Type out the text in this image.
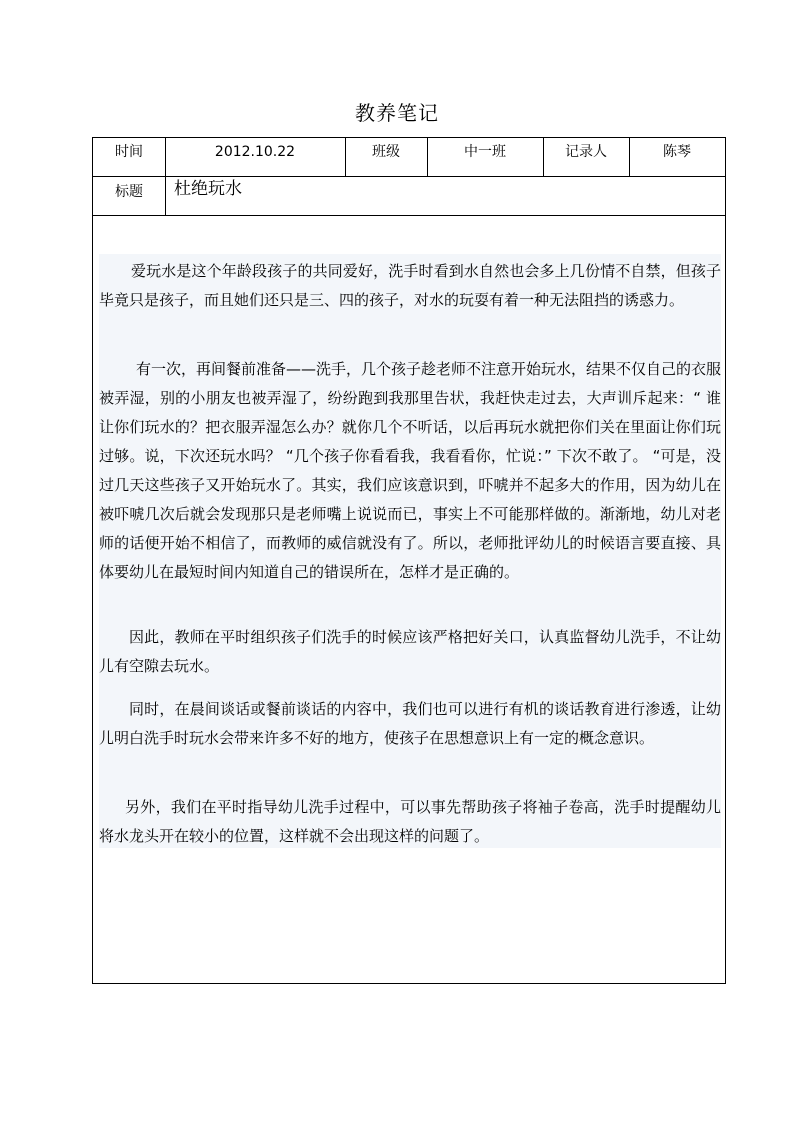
教养笔记
时间	2012.10.22	班级	中一班	记录人	陈琴
标题	杜绝玩水

爱玩水是这个年龄段孩子的共同爱好，洗手时看到水自然也会多上几份情不自禁，但孩子毕竟只是孩子，而且她们还只是三、四的孩子，对水的玩耍有着一种无法阻挡的诱惑力。

有一次，再间餐前准备——洗手，几个孩子趁老师不注意开始玩水，结果不仅自己的衣服被弄湿，别的小朋友也被弄湿了，纷纷跑到我那里告状，我赶快走过去，大声训斥起来：“ 谁让你们玩水的？把衣服弄湿怎么办？就你几个不听话，以后再玩水就把你们关在里面让你们玩过够。说，下次还玩水吗？ “几个孩子你看看我，我看看你，忙说：” 下次不敢了。 “可是，没过几天这些孩子又开始玩水了。其实，我们应该意识到，吓唬并不起多大的作用，因为幼儿在被吓唬几次后就会发现那只是老师嘴上说说而已，事实上不可能那样做的。渐渐地，幼儿对老师的话便开始不相信了，而教师的威信就没有了。所以，老师批评幼儿的时候语言要直接、具体要幼儿在最短时间内知道自己的错误所在，怎样才是正确的。

因此，教师在平时组织孩子们洗手的时候应该严格把好关口，认真监督幼儿洗手，不让幼儿有空隙去玩水。

同时，在晨间谈话或餐前谈话的内容中，我们也可以进行有机的谈话教育进行渗透，让幼儿明白洗手时玩水会带来许多不好的地方，使孩子在思想意识上有一定的概念意识。

另外，我们在平时指导幼儿洗手过程中，可以事先帮助孩子将袖子卷高，洗手时提醒幼儿将水龙头开在较小的位置，这样就不会出现这样的问题了。
